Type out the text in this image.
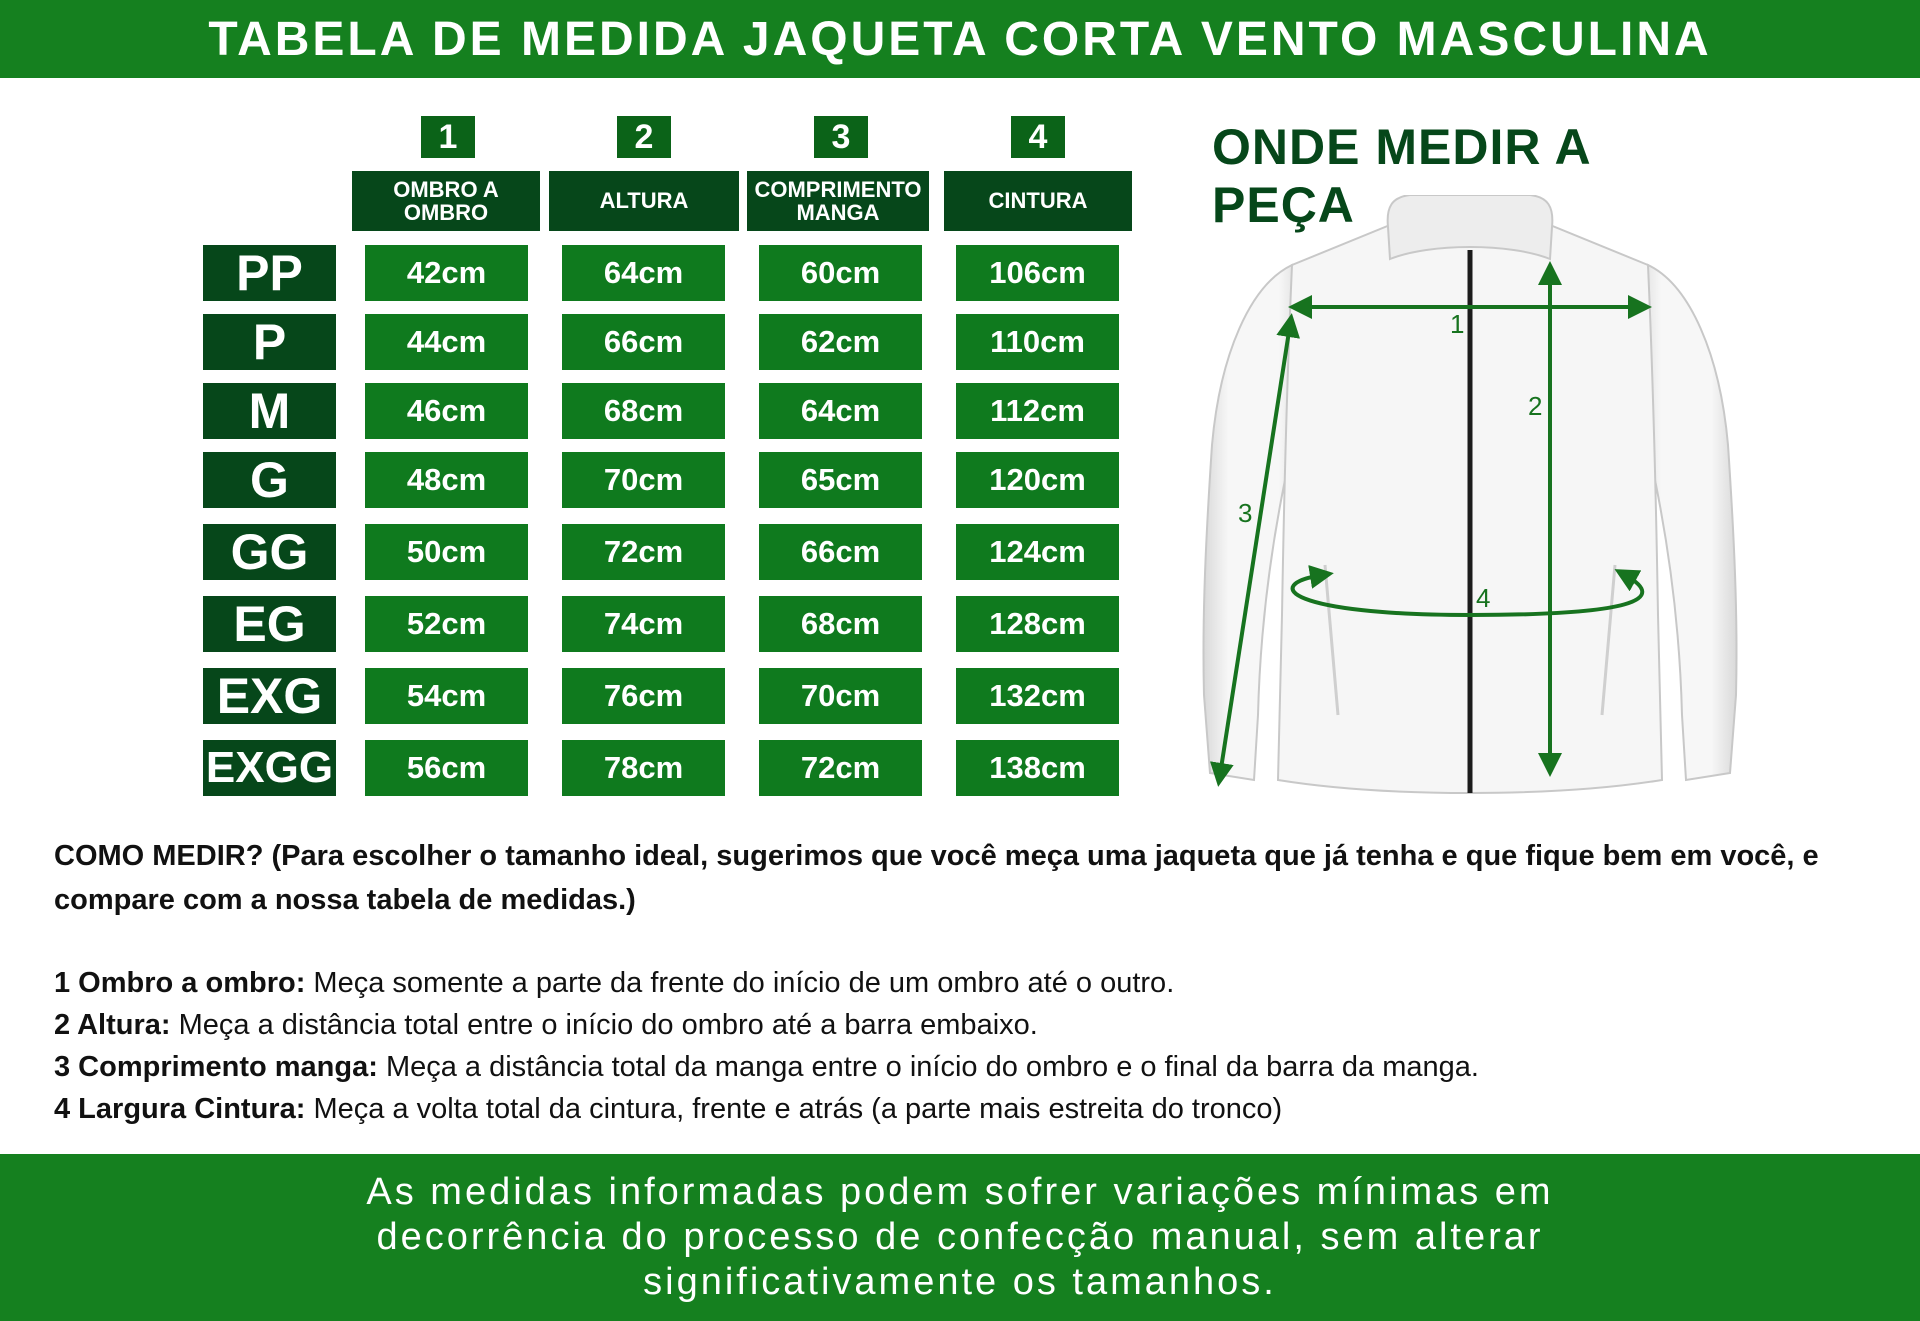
TABELA DE MEDIDA JAQUETA CORTA VENTO MASCULINA
1	2	3	4
OMBRO A OMBRO	ALTURA	COMPRIMENTO MANGA	CINTURA
PP	42cm	64cm	60cm	106cm
P	44cm	66cm	62cm	110cm
M	46cm	68cm	64cm	112cm
G	48cm	70cm	65cm	120cm
GG	50cm	72cm	66cm	124cm
EG	52cm	74cm	68cm	128cm
EXG	54cm	76cm	70cm	132cm
EXGG	56cm	78cm	72cm	138cm
ONDE MEDIR A PEÇA
1
2
3
4
COMO MEDIR? (Para escolher o tamanho ideal, sugerimos que você meça uma jaqueta que já tenha e que fique bem em você, e compare com a nossa tabela de medidas.)
1 Ombro a ombro: Meça somente a parte da frente do início de um ombro até o outro.
2 Altura: Meça a distância total entre o início do ombro até a barra embaixo.
3 Comprimento manga: Meça a distância total da manga entre o início do ombro e o final da barra da manga.
4 Largura Cintura: Meça a volta total da cintura, frente e atrás (a parte mais estreita do tronco)

As medidas informadas podem sofrer variações mínimas em decorrência do processo de confecção manual, sem alterar significativamente os tamanhos.
